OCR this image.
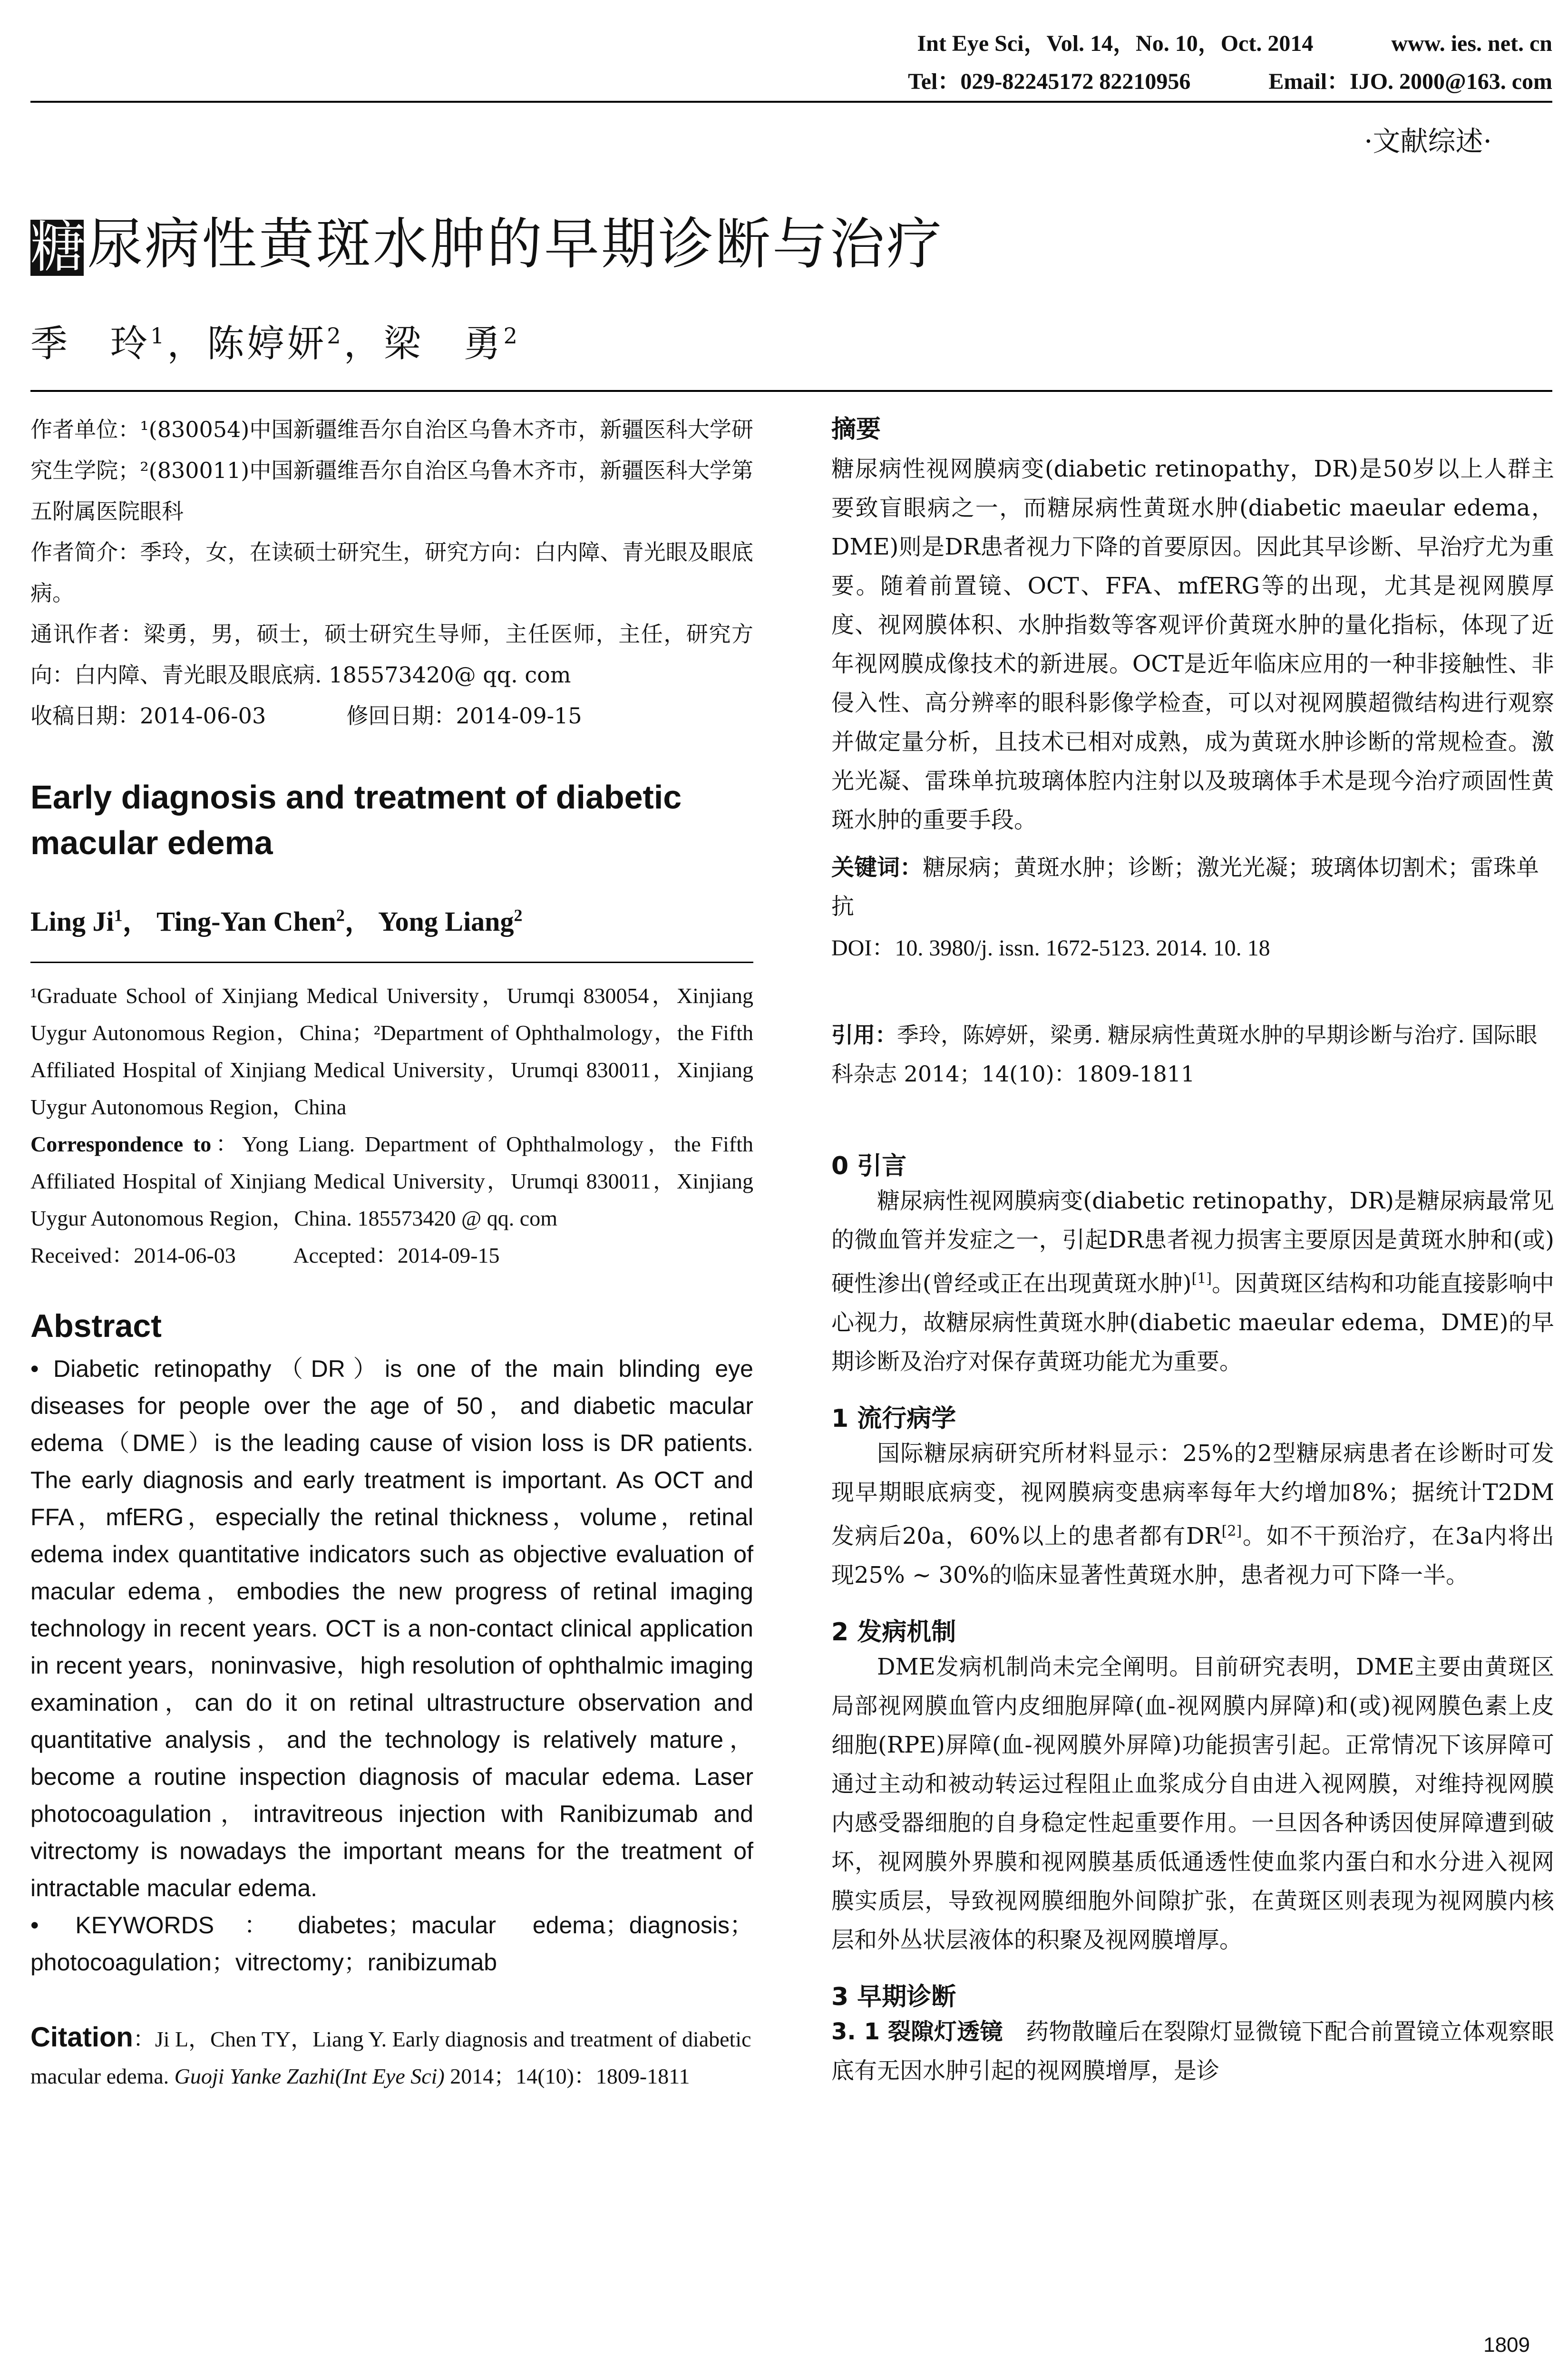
Int Eye Sci，Vol. 14，No. 10，Oct. 2014	www. ies. net. cn
Tel：029-82245172 82210956	Email：IJO. 2000@163. com
·文献综述·
糖尿病性黄斑水肿的早期诊断与治疗
季　玲$^1$，陈婷妍$^2$，梁　勇$^2$
作者单位：¹(830054)中国新疆维吾尔自治区乌鲁木齐市，新疆医科大学研究生学院；²(830011)中国新疆维吾尔自治区乌鲁木齐市，新疆医科大学第五附属医院眼科
作者简介：季玲，女，在读硕士研究生，研究方向：白内障、青光眼及眼底病。
通讯作者：梁勇，男，硕士，硕士研究生导师，主任医师，主任，研究方向：白内障、青光眼及眼底病. 185573420@ qq. com
收稿日期：2014-06-03	修回日期：2014-09-15
Early diagnosis and treatment of diabetic macular edema
Ling Ji$^1$， Ting-Yan Chen$^2$， Yong Liang$^2$
¹Graduate School of Xinjiang Medical University，Urumqi 830054，Xinjiang Uygur Autonomous Region，China；²Department of Ophthalmology，the Fifth Affiliated Hospital of Xinjiang Medical University，Urumqi 830011，Xinjiang Uygur Autonomous Region，China
Correspondence to：Yong Liang. Department of Ophthalmology，the Fifth Affiliated Hospital of Xinjiang Medical University，Urumqi 830011，Xinjiang Uygur Autonomous Region，China. 185573420 @ qq. com
Received：2014-06-03	Accepted：2014-09-15
Abstract

• Diabetic retinopathy（DR）is one of the main blinding eye diseases for people over the age of 50，and diabetic macular edema（DME）is the leading cause of vision loss is DR patients. The early diagnosis and early treatment is important. As OCT and FFA，mfERG，especially the retinal thickness，volume，retinal edema index quantitative indicators such as objective evaluation of macular edema，embodies the new progress of retinal imaging technology in recent years. OCT is a non-contact clinical application in recent years，noninvasive，high resolution of ophthalmic imaging examination，can do it on retinal ultrastructure observation and quantitative analysis，and the technology is relatively mature，become a routine inspection diagnosis of macular edema. Laser photocoagulation，intravitreous injection with Ranibizumab and vitrectomy is nowadays the important means for the treatment of intractable macular edema.

• KEYWORDS：diabetes；macular edema；diagnosis；photocoagulation；vitrectomy；ranibizumab

Citation：Ji L，Chen TY，Liang Y. Early diagnosis and treatment of diabetic macular edema. Guoji Yanke Zazhi(Int Eye Sci) 2014；14(10)：1809-1811
摘要
糖尿病性视网膜病变(diabetic retinopathy，DR)是50岁以上人群主要致盲眼病之一，而糖尿病性黄斑水肿(diabetic maeular edema，DME)则是DR患者视力下降的首要原因。因此其早诊断、早治疗尤为重要。随着前置镜、OCT、FFA、mfERG等的出现，尤其是视网膜厚度、视网膜体积、水肿指数等客观评价黄斑水肿的量化指标，体现了近年视网膜成像技术的新进展。OCT是近年临床应用的一种非接触性、非侵入性、高分辨率的眼科影像学检查，可以对视网膜超微结构进行观察并做定量分析，且技术已相对成熟，成为黄斑水肿诊断的常规检查。激光光凝、雷珠单抗玻璃体腔内注射以及玻璃体手术是现今治疗顽固性黄斑水肿的重要手段。
关键词：糖尿病；黄斑水肿；诊断；激光光凝；玻璃体切割术；雷珠单抗
DOI：10. 3980/j. issn. 1672-5123. 2014. 10. 18
引用：季玲，陈婷妍，梁勇. 糖尿病性黄斑水肿的早期诊断与治疗. 国际眼科杂志 2014；14(10)：1809-1811
0 引言

糖尿病性视网膜病变(diabetic retinopathy，DR)是糖尿病最常见的微血管并发症之一，引起DR患者视力损害主要原因是黄斑水肿和(或)硬性渗出(曾经或正在出现黄斑水肿)[1]。因黄斑区结构和功能直接影响中心视力，故糖尿病性黄斑水肿(diabetic maeular edema，DME)的早期诊断及治疗对保存黄斑功能尤为重要。

1 流行病学

国际糖尿病研究所材料显示：25%的2型糖尿病患者在诊断时可发现早期眼底病变，视网膜病变患病率每年大约增加8%；据统计T2DM发病后20a，60%以上的患者都有DR[2]。如不干预治疗，在3a内将出现25% ~ 30%的临床显著性黄斑水肿，患者视力可下降一半。

2 发病机制

DME发病机制尚未完全阐明。目前研究表明，DME主要由黄斑区局部视网膜血管内皮细胞屏障(血-视网膜内屏障)和(或)视网膜色素上皮细胞(RPE)屏障(血-视网膜外屏障)功能损害引起。正常情况下该屏障可通过主动和被动转运过程阻止血浆成分自由进入视网膜，对维持视网膜内感受器细胞的自身稳定性起重要作用。一旦因各种诱因使屏障遭到破坏，视网膜外界膜和视网膜基质低通透性使血浆内蛋白和水分进入视网膜实质层，导致视网膜细胞外间隙扩张，在黄斑区则表现为视网膜内核层和外丛状层液体的积聚及视网膜增厚。

3 早期诊断
3. 1 裂隙灯透镜　药物散瞳后在裂隙灯显微镜下配合前置镜立体观察眼底有无因水肿引起的视网膜增厚，是诊
1809
